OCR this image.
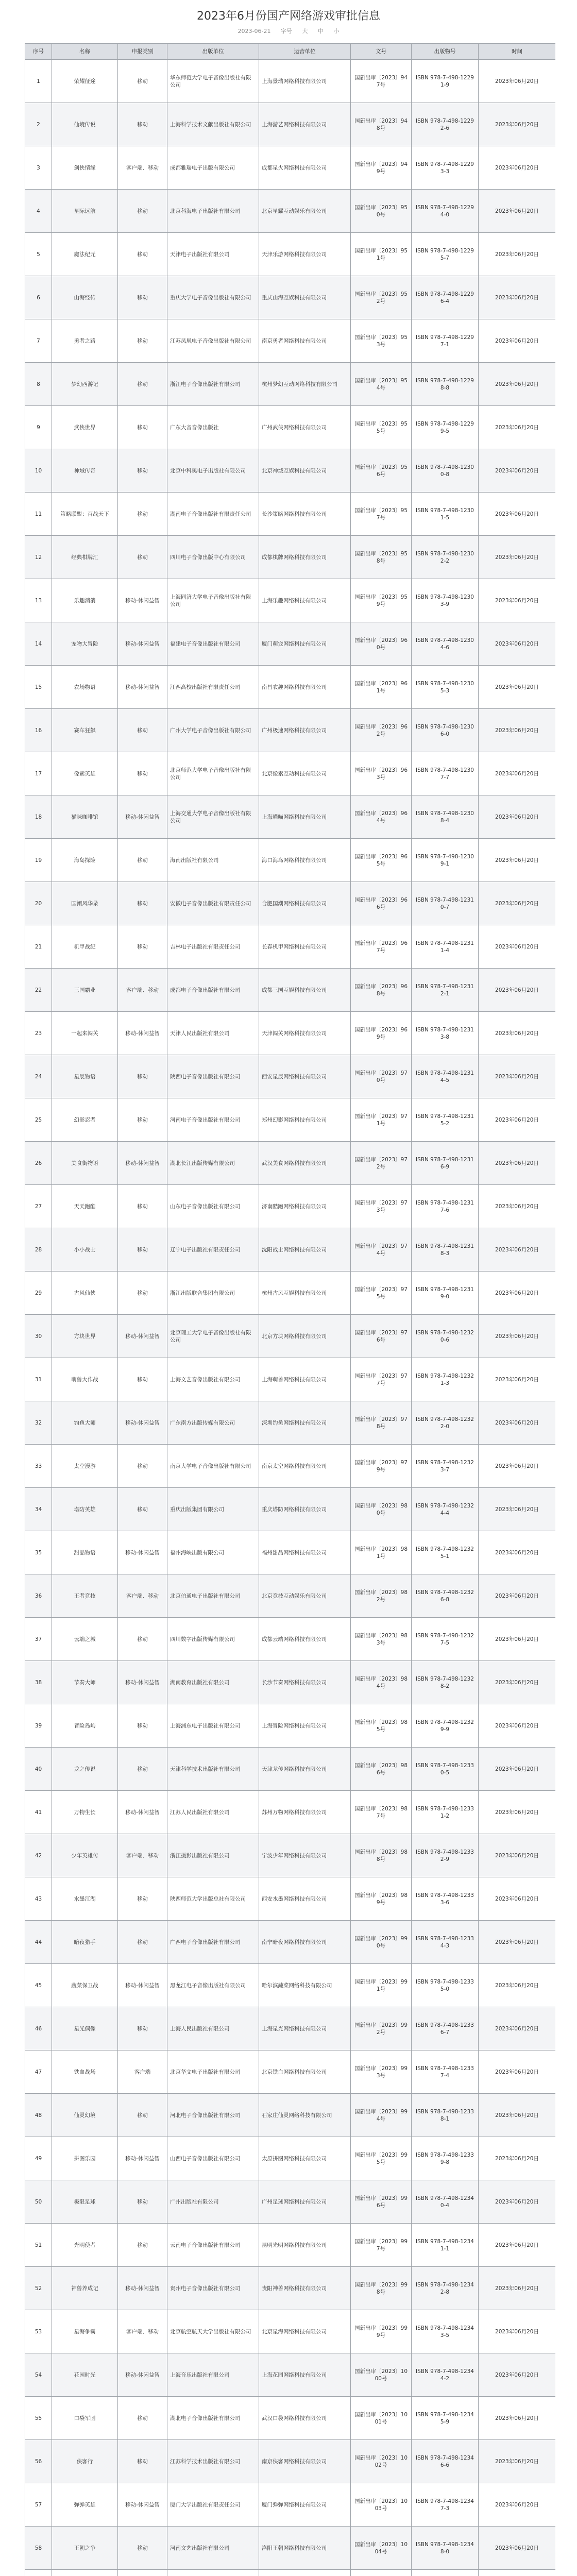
2023年6月份国产网络游戏审批信息
2023-06-21 字号 大 中 小
序号	名称	申报类别	出版单位	运营单位	文号	出版物号	时间
1	荣耀征途	移动	华东师范大学电子音像出版社有限公司	上海景瑞网络科技有限公司	国新出审〔2023〕947号	ISBN 978-7-498-12291-9	2023年06月20日
2	仙境传说	移动	上海科学技术文献出版社有限公司	上海游艺网络科技有限公司	国新出审〔2023〕948号	ISBN 978-7-498-12292-6	2023年06月20日
3	剑侠情缘	客户端、移动	成都雅瑞电子出版有限公司	成都星火网络科技有限公司	国新出审〔2023〕949号	ISBN 978-7-498-12293-3	2023年06月20日
4	星际远航	移动	北京科海电子出版社有限公司	北京星耀互动娱乐有限公司	国新出审〔2023〕950号	ISBN 978-7-498-12294-0	2023年06月20日
5	魔法纪元	移动	天津电子出版社有限公司	天津乐游网络科技有限公司	国新出审〔2023〕951号	ISBN 978-7-498-12295-7	2023年06月20日
6	山海经传	移动	重庆大学电子音像出版社有限公司	重庆山海互娱科技有限公司	国新出审〔2023〕952号	ISBN 978-7-498-12296-4	2023年06月20日
7	勇者之路	移动	江苏凤凰电子音像出版社有限公司	南京勇者网络科技有限公司	国新出审〔2023〕953号	ISBN 978-7-498-12297-1	2023年06月20日
8	梦幻西游记	移动	浙江电子音像出版社有限公司	杭州梦幻互动网络科技有限公司	国新出审〔2023〕954号	ISBN 978-7-498-12298-8	2023年06月20日
9	武侠世界	移动	广东大音音像出版社	广州武侠网络科技有限公司	国新出审〔2023〕955号	ISBN 978-7-498-12299-5	2023年06月20日
10	神域传奇	移动	北京中科奥电子出版社有限公司	北京神域互娱科技有限公司	国新出审〔2023〕956号	ISBN 978-7-498-12300-8	2023年06月20日
11	策略联盟：百战天下	移动	湖南电子音像出版社有限责任公司	长沙策略网络科技有限公司	国新出审〔2023〕957号	ISBN 978-7-498-12301-5	2023年06月20日
12	经典棋牌汇	移动	四川电子音像出版中心有限公司	成都棋牌网络科技有限公司	国新出审〔2023〕958号	ISBN 978-7-498-12302-2	2023年06月20日
13	乐趣消消	移动-休闲益智	上海同济大学电子音像出版社有限公司	上海乐趣网络科技有限公司	国新出审〔2023〕959号	ISBN 978-7-498-12303-9	2023年06月20日
14	宠物大冒险	移动-休闲益智	福建电子音像出版社有限公司	厦门萌宠网络科技有限公司	国新出审〔2023〕960号	ISBN 978-7-498-12304-6	2023年06月20日
15	农场物语	移动-休闲益智	江西高校出版社有限责任公司	南昌农趣网络科技有限公司	国新出审〔2023〕961号	ISBN 978-7-498-12305-3	2023年06月20日
16	赛车狂飙	移动	广州大学电子音像出版社有限公司	广州极速网络科技有限公司	国新出审〔2023〕962号	ISBN 978-7-498-12306-0	2023年06月20日
17	像素英雄	移动	北京师范大学电子音像出版社有限公司	北京像素互动科技有限公司	国新出审〔2023〕963号	ISBN 978-7-498-12307-7	2023年06月20日
18	猫咪咖啡馆	移动-休闲益智	上海交通大学电子音像出版社有限公司	上海喵喵网络科技有限公司	国新出审〔2023〕964号	ISBN 978-7-498-12308-4	2023年06月20日
19	海岛探险	移动	海南出版社有限公司	海口海岛网络科技有限公司	国新出审〔2023〕965号	ISBN 978-7-498-12309-1	2023年06月20日
20	国潮风华录	移动	安徽电子音像出版社有限责任公司	合肥国潮网络科技有限公司	国新出审〔2023〕966号	ISBN 978-7-498-12310-7	2023年06月20日
21	机甲战纪	移动	吉林电子出版社有限责任公司	长春机甲网络科技有限公司	国新出审〔2023〕967号	ISBN 978-7-498-12311-4	2023年06月20日
22	三国霸业	客户端、移动	成都电子音像出版社有限公司	成都三国互娱科技有限公司	国新出审〔2023〕968号	ISBN 978-7-498-12312-1	2023年06月20日
23	一起来闯关	移动-休闲益智	天津人民出版社有限公司	天津闯关网络科技有限公司	国新出审〔2023〕969号	ISBN 978-7-498-12313-8	2023年06月20日
24	星辰物语	移动	陕西电子音像出版社有限公司	西安星辰网络科技有限公司	国新出审〔2023〕970号	ISBN 978-7-498-12314-5	2023年06月20日
25	幻影忍者	移动	河南电子音像出版社有限公司	郑州幻影网络科技有限公司	国新出审〔2023〕971号	ISBN 978-7-498-12315-2	2023年06月20日
26	美食街物语	移动-休闲益智	湖北长江出版传媒有限公司	武汉美食网络科技有限公司	国新出审〔2023〕972号	ISBN 978-7-498-12316-9	2023年06月20日
27	天天跑酷	移动	山东电子音像出版社有限公司	济南酷跑网络科技有限公司	国新出审〔2023〕973号	ISBN 978-7-498-12317-6	2023年06月20日
28	小小战士	移动	辽宁电子出版社有限责任公司	沈阳战士网络科技有限公司	国新出审〔2023〕974号	ISBN 978-7-498-12318-3	2023年06月20日
29	古风仙侠	移动	浙江出版联合集团有限公司	杭州古风互娱科技有限公司	国新出审〔2023〕975号	ISBN 978-7-498-12319-0	2023年06月20日
30	方块世界	移动-休闲益智	北京理工大学电子音像出版社有限公司	北京方块网络科技有限公司	国新出审〔2023〕976号	ISBN 978-7-498-12320-6	2023年06月20日
31	萌兽大作战	移动	上海文艺音像出版社有限公司	上海萌兽网络科技有限公司	国新出审〔2023〕977号	ISBN 978-7-498-12321-3	2023年06月20日
32	钓鱼大师	移动-休闲益智	广东南方出版传媒有限公司	深圳钓鱼网络科技有限公司	国新出审〔2023〕978号	ISBN 978-7-498-12322-0	2023年06月20日
33	太空漫游	移动	南京大学电子音像出版社有限公司	南京太空网络科技有限公司	国新出审〔2023〕979号	ISBN 978-7-498-12323-7	2023年06月20日
34	塔防英雄	移动	重庆出版集团有限公司	重庆塔防网络科技有限公司	国新出审〔2023〕980号	ISBN 978-7-498-12324-4	2023年06月20日
35	甜品物语	移动-休闲益智	福州海峡出版有限公司	福州甜品网络科技有限公司	国新出审〔2023〕981号	ISBN 978-7-498-12325-1	2023年06月20日
36	王者竞技	客户端、移动	北京伯通电子出版社有限公司	北京竞技互动娱乐有限公司	国新出审〔2023〕982号	ISBN 978-7-498-12326-8	2023年06月20日
37	云端之城	移动	四川数字出版传媒有限公司	成都云端网络科技有限公司	国新出审〔2023〕983号	ISBN 978-7-498-12327-5	2023年06月20日
38	节奏大师	移动-休闲益智	湖南教育出版社有限公司	长沙节奏网络科技有限公司	国新出审〔2023〕984号	ISBN 978-7-498-12328-2	2023年06月20日
39	冒险岛屿	移动	上海浦东电子出版社有限公司	上海冒险网络科技有限公司	国新出审〔2023〕985号	ISBN 978-7-498-12329-9	2023年06月20日
40	龙之传说	移动	天津科学技术出版社有限公司	天津龙传网络科技有限公司	国新出审〔2023〕986号	ISBN 978-7-498-12330-5	2023年06月20日
41	万物生长	移动-休闲益智	江苏人民出版社有限公司	苏州万物网络科技有限公司	国新出审〔2023〕987号	ISBN 978-7-498-12331-2	2023年06月20日
42	少年英雄传	客户端、移动	浙江摄影出版社有限公司	宁波少年网络科技有限公司	国新出审〔2023〕988号	ISBN 978-7-498-12332-9	2023年06月20日
43	水墨江湖	移动	陕西师范大学出版总社有限公司	西安水墨网络科技有限公司	国新出审〔2023〕989号	ISBN 978-7-498-12333-6	2023年06月20日
44	暗夜猎手	移动	广西电子音像出版社有限公司	南宁暗夜网络科技有限公司	国新出审〔2023〕990号	ISBN 978-7-498-12334-3	2023年06月20日
45	蔬菜保卫战	移动-休闲益智	黑龙江电子音像出版社有限公司	哈尔滨蔬菜网络科技有限公司	国新出审〔2023〕991号	ISBN 978-7-498-12335-0	2023年06月20日
46	星光偶像	移动	上海人民出版社有限公司	上海星光网络科技有限公司	国新出审〔2023〕992号	ISBN 978-7-498-12336-7	2023年06月20日
47	铁血战场	客户端	北京华文电子出版社有限公司	北京铁血网络科技有限公司	国新出审〔2023〕993号	ISBN 978-7-498-12337-4	2023年06月20日
48	仙灵幻境	移动	河北电子音像出版社有限公司	石家庄仙灵网络科技有限公司	国新出审〔2023〕994号	ISBN 978-7-498-12338-1	2023年06月20日
49	拼图乐园	移动-休闲益智	山西电子音像出版社有限公司	太原拼图网络科技有限公司	国新出审〔2023〕995号	ISBN 978-7-498-12339-8	2023年06月20日
50	极限足球	移动	广州出版社有限公司	广州足球网络科技有限公司	国新出审〔2023〕996号	ISBN 978-7-498-12340-4	2023年06月20日
51	光明使者	移动	云南电子音像出版社有限公司	昆明光明网络科技有限公司	国新出审〔2023〕997号	ISBN 978-7-498-12341-1	2023年06月20日
52	神兽养成记	移动-休闲益智	贵州电子音像出版社有限公司	贵阳神兽网络科技有限公司	国新出审〔2023〕998号	ISBN 978-7-498-12342-8	2023年06月20日
53	星海争霸	客户端、移动	北京航空航天大学出版社有限公司	北京星海网络科技有限公司	国新出审〔2023〕999号	ISBN 978-7-498-12343-5	2023年06月20日
54	花园时光	移动-休闲益智	上海音乐出版社有限公司	上海花园网络科技有限公司	国新出审〔2023〕1000号	ISBN 978-7-498-12344-2	2023年06月20日
55	口袋军团	移动	湖北电子音像出版社有限公司	武汉口袋网络科技有限公司	国新出审〔2023〕1001号	ISBN 978-7-498-12345-9	2023年06月20日
56	侠客行	移动	江苏科学技术出版社有限公司	南京侠客网络科技有限公司	国新出审〔2023〕1002号	ISBN 978-7-498-12346-6	2023年06月20日
57	弹弹英雄	移动-休闲益智	厦门大学出版社有限责任公司	厦门弹弹网络科技有限公司	国新出审〔2023〕1003号	ISBN 978-7-498-12347-3	2023年06月20日
58	王朝之争	移动	河南文艺出版社有限公司	洛阳王朝网络科技有限公司	国新出审〔2023〕1004号	ISBN 978-7-498-12348-0	2023年06月20日
